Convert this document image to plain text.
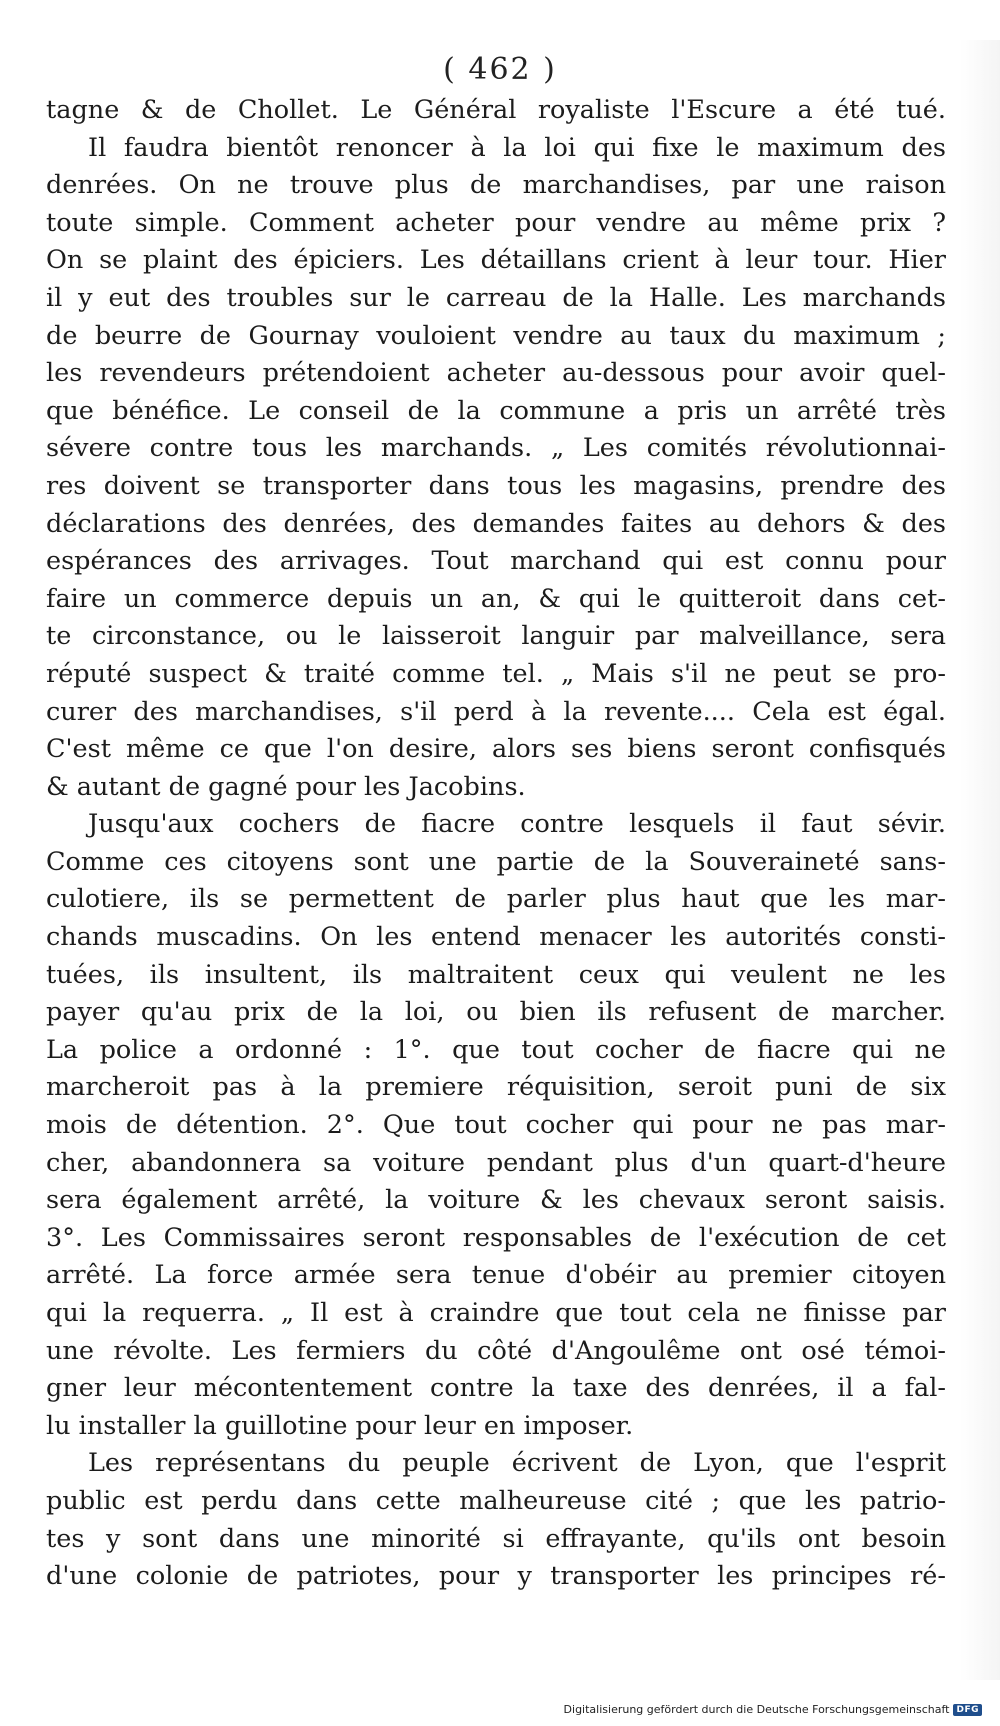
( 462 )
tagne & de Chollet. Le Général royaliste l'Escure a été tué.
Il faudra bientôt renoncer à la loi qui fixe le maximum des
denrées. On ne trouve plus de marchandises, par une raison
toute simple. Comment acheter pour vendre au même prix ?
On se plaint des épiciers. Les détaillans crient à leur tour. Hier
il y eut des troubles sur le carreau de la Halle. Les marchands
de beurre de Gournay vouloient vendre au taux du maximum ;
les revendeurs prétendoient acheter au-dessous pour avoir quel-
que bénéfice. Le conseil de la commune a pris un arrêté très
sévere contre tous les marchands. „ Les comités révolutionnai-
res doivent se transporter dans tous les magasins, prendre des
déclarations des denrées, des demandes faites au dehors & des
espérances des arrivages. Tout marchand qui est connu pour
faire un commerce depuis un an, & qui le quitteroit dans cet-
te circonstance, ou le laisseroit languir par malveillance, sera
réputé suspect & traité comme tel. „ Mais s'il ne peut se pro-
curer des marchandises, s'il perd à la revente.... Cela est égal.
C'est même ce que l'on desire, alors ses biens seront confisqués
& autant de gagné pour les Jacobins.
Jusqu'aux cochers de fiacre contre lesquels il faut sévir.
Comme ces citoyens sont une partie de la Souveraineté sans-
culotiere, ils se permettent de parler plus haut que les mar-
chands muscadins. On les entend menacer les autorités consti-
tuées, ils insultent, ils maltraitent ceux qui veulent ne les
payer qu'au prix de la loi, ou bien ils refusent de marcher.
La police a ordonné : 1°. que tout cocher de fiacre qui ne
marcheroit pas à la premiere réquisition, seroit puni de six
mois de détention. 2°. Que tout cocher qui pour ne pas mar-
cher, abandonnera sa voiture pendant plus d'un quart-d'heure
sera également arrêté, la voiture & les chevaux seront saisis.
3°. Les Commissaires seront responsables de l'exécution de cet
arrêté. La force armée sera tenue d'obéir au premier citoyen
qui la requerra. „ Il est à craindre que tout cela ne finisse par
une révolte. Les fermiers du côté d'Angoulême ont osé témoi-
gner leur mécontentement contre la taxe des denrées, il a fal-
lu installer la guillotine pour leur en imposer.
Les représentans du peuple écrivent de Lyon, que l'esprit
public est perdu dans cette malheureuse cité ; que les patrio-
tes y sont dans une minorité si effrayante, qu'ils ont besoin
d'une colonie de patriotes, pour y transporter les principes ré-
Digitalisierung gefördert durch die Deutsche Forschungsgemeinschaft DFG
